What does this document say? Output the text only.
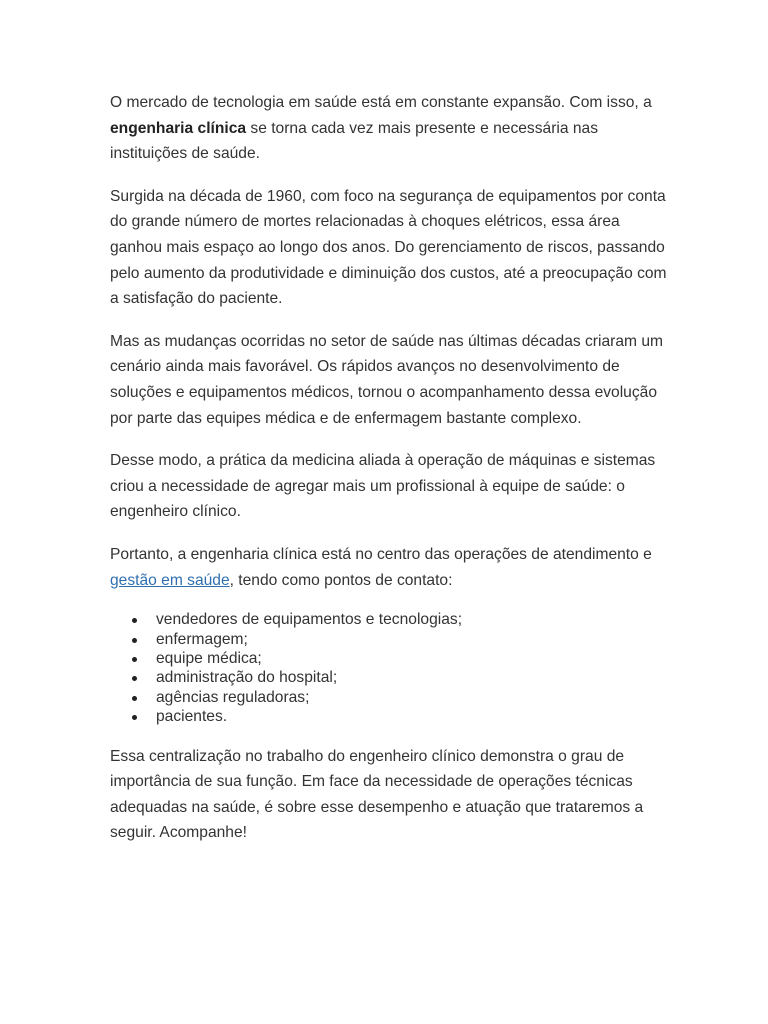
O mercado de tecnologia em saúde está em constante expansão. Com isso, a engenharia clínica se torna cada vez mais presente e necessária nas instituições de saúde.

Surgida na década de 1960, com foco na segurança de equipamentos por conta do grande número de mortes relacionadas à choques elétricos, essa área ganhou mais espaço ao longo dos anos. Do gerenciamento de riscos, passando pelo aumento da produtividade e diminuição dos custos, até a preocupação com a satisfação do paciente.

Mas as mudanças ocorridas no setor de saúde nas últimas décadas criaram um cenário ainda mais favorável. Os rápidos avanços no desenvolvimento de soluções e equipamentos médicos, tornou o acompanhamento dessa evolução por parte das equipes médica e de enfermagem bastante complexo.

Desse modo, a prática da medicina aliada à operação de máquinas e sistemas criou a necessidade de agregar mais um profissional à equipe de saúde: o engenheiro clínico.

Portanto, a engenharia clínica está no centro das operações de atendimento e gestão em saúde, tendo como pontos de contato:

vendedores de equipamentos e tecnologias;
enfermagem;
equipe médica;
administração do hospital;
agências reguladoras;
pacientes.

Essa centralização no trabalho do engenheiro clínico demonstra o grau de importância de sua função. Em face da necessidade de operações técnicas adequadas na saúde, é sobre esse desempenho e atuação que trataremos a seguir. Acompanhe!
